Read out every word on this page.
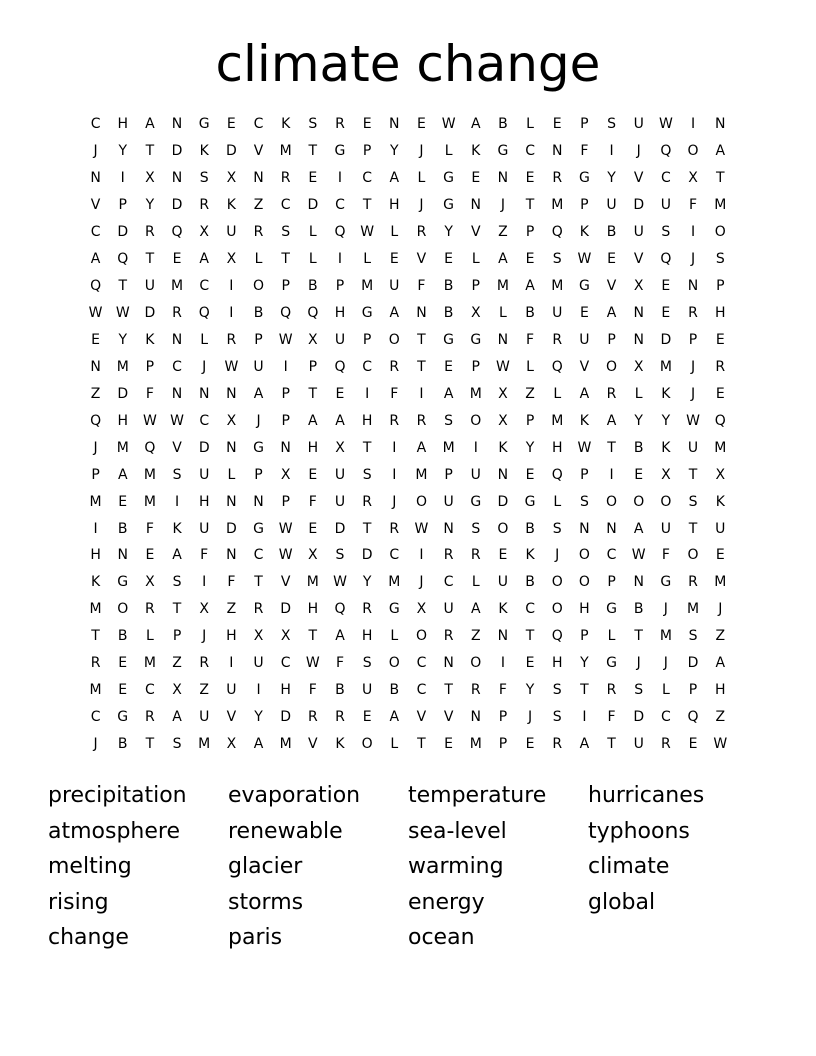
climate change
C	H	A	N	G	E	C	K	S	R	E	N	E	W	A	B	L	E	P	S	U	W	I	N
J	Y	T	D	K	D	V	M	T	G	P	Y	J	L	K	G	C	N	F	I	J	Q	O	A
N	I	X	N	S	X	N	R	E	I	C	A	L	G	E	N	E	R	G	Y	V	C	X	T
V	P	Y	D	R	K	Z	C	D	C	T	H	J	G	N	J	T	M	P	U	D	U	F	M
C	D	R	Q	X	U	R	S	L	Q	W	L	R	Y	V	Z	P	Q	K	B	U	S	I	O
A	Q	T	E	A	X	L	T	L	I	L	E	V	E	L	A	E	S	W	E	V	Q	J	S
Q	T	U	M	C	I	O	P	B	P	M	U	F	B	P	M	A	M	G	V	X	E	N	P
W	W	D	R	Q	I	B	Q	Q	H	G	A	N	B	X	L	B	U	E	A	N	E	R	H
E	Y	K	N	L	R	P	W	X	U	P	O	T	G	G	N	F	R	U	P	N	D	P	E
N	M	P	C	J	W	U	I	P	Q	C	R	T	E	P	W	L	Q	V	O	X	M	J	R
Z	D	F	N	N	N	A	P	T	E	I	F	I	A	M	X	Z	L	A	R	L	K	J	E
Q	H	W	W	C	X	J	P	A	A	H	R	R	S	O	X	P	M	K	A	Y	Y	W	Q
J	M	Q	V	D	N	G	N	H	X	T	I	A	M	I	K	Y	H	W	T	B	K	U	M
P	A	M	S	U	L	P	X	E	U	S	I	M	P	U	N	E	Q	P	I	E	X	T	X
M	E	M	I	H	N	N	P	F	U	R	J	O	U	G	D	G	L	S	O	O	O	S	K
I	B	F	K	U	D	G	W	E	D	T	R	W	N	S	O	B	S	N	N	A	U	T	U
H	N	E	A	F	N	C	W	X	S	D	C	I	R	R	E	K	J	O	C	W	F	O	E
K	G	X	S	I	F	T	V	M	W	Y	M	J	C	L	U	B	O	O	P	N	G	R	M
M	O	R	T	X	Z	R	D	H	Q	R	G	X	U	A	K	C	O	H	G	B	J	M	J
T	B	L	P	J	H	X	X	T	A	H	L	O	R	Z	N	T	Q	P	L	T	M	S	Z
R	E	M	Z	R	I	U	C	W	F	S	O	C	N	O	I	E	H	Y	G	J	J	D	A
M	E	C	X	Z	U	I	H	F	B	U	B	C	T	R	F	Y	S	T	R	S	L	P	H
C	G	R	A	U	V	Y	D	R	R	E	A	V	V	N	P	J	S	I	F	D	C	Q	Z
J	B	T	S	M	X	A	M	V	K	O	L	T	E	M	P	E	R	A	T	U	R	E	W
precipitation
atmosphere
melting
rising
change
evaporation
renewable
glacier
storms
paris
temperature
sea-level
warming
energy
ocean
hurricanes
typhoons
climate
global
